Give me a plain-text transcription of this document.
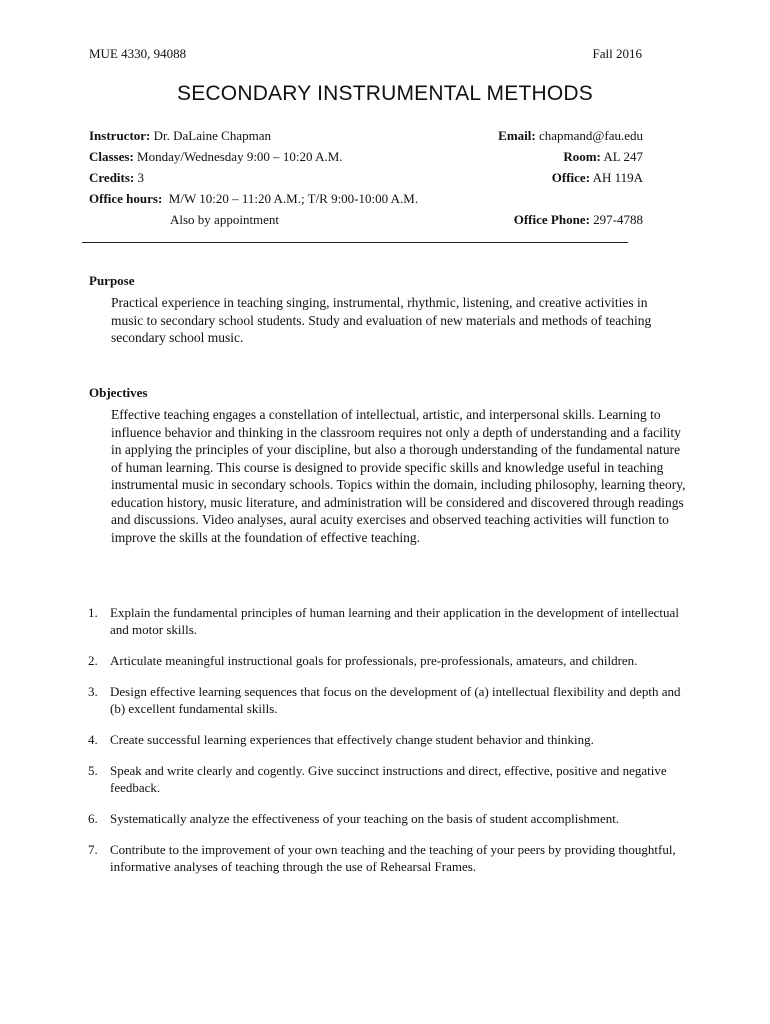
MUE 4330, 94088	Fall 2016
SECONDARY INSTRUMENTAL METHODS
Instructor: Dr. DaLaine Chapman
Classes: Monday/Wednesday 9:00 – 10:20 A.M.
Credits: 3
Office hours:  M/W 10:20 – 11:20 A.M.; T/R 9:00-10:00 A.M.
Also by appointment
Email: chapmand@fau.edu
Room: AL 247
Office: AH 119A

Office Phone: 297-4788
Purpose
Practical experience in teaching singing, instrumental, rhythmic, listening, and creative activities in music to secondary school students. Study and evaluation of new materials and methods of teaching secondary school music.
Objectives
Effective teaching engages a constellation of intellectual, artistic, and interpersonal skills. Learning to influence behavior and thinking in the classroom requires not only a depth of understanding and a facility in applying the principles of your discipline, but also a thorough understanding of the fundamental nature of human learning. This course is designed to provide specific skills and knowledge useful in teaching instrumental music in secondary schools. Topics within the domain, including philosophy, learning theory, education history, music literature, and administration will be considered and discovered through readings and discussions. Video analyses, aural acuity exercises and observed teaching activities will function to improve the skills at the foundation of effective teaching.
1. Explain the fundamental principles of human learning and their application in the development of intellectual and motor skills.
2. Articulate meaningful instructional goals for professionals, pre-professionals, amateurs, and children.
3. Design effective learning sequences that focus on the development of (a) intellectual flexibility and depth and (b) excellent fundamental skills.
4. Create successful learning experiences that effectively change student behavior and thinking.
5. Speak and write clearly and cogently. Give succinct instructions and direct, effective, positive and negative feedback.
6. Systematically analyze the effectiveness of your teaching on the basis of student accomplishment.
7. Contribute to the improvement of your own teaching and the teaching of your peers by providing thoughtful, informative analyses of teaching through the use of Rehearsal Frames.
